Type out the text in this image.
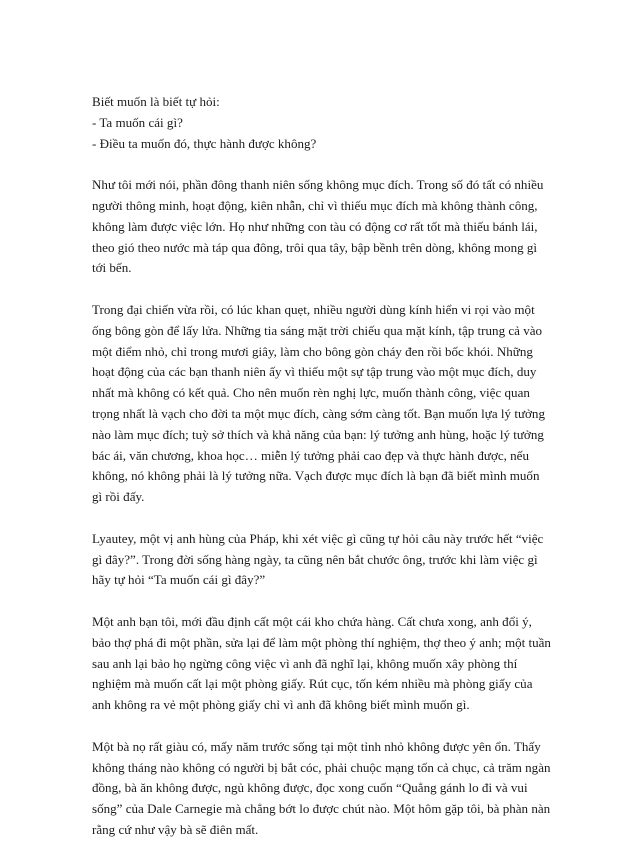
Biết muốn là biết tự hỏi:
- Ta muốn cái gì?
- Điều ta muốn đó, thực hành được không?

Như tôi mới nói, phần đông thanh niên sống không mục đích. Trong số đó tất có nhiều người thông minh, hoạt động, kiên nhẫn, chỉ vì thiếu mục đích mà không thành công, không làm được việc lớn. Họ như những con tàu có động cơ rất tốt mà thiếu bánh lái, theo gió theo nước mà táp qua đông, trôi qua tây, bập bềnh trên dòng, không mong gì tới bến.

Trong đại chiến vừa rồi, có lúc khan quẹt, nhiều người dùng kính hiển vi rọi vào một ống bông gòn để lấy lửa. Những tia sáng mặt trời chiếu qua mặt kính, tập trung cả vào một điểm nhỏ, chỉ trong mươi giây, làm cho bông gòn cháy đen rồi bốc khói. Những hoạt động của các bạn thanh niên ấy vì thiếu một sự tập trung vào một mục đích, duy nhất mà không có kết quả. Cho nên muốn rèn nghị lực, muốn thành công, việc quan trọng nhất là vạch cho đời ta một mục đích, càng sớm càng tốt. Bạn muốn lựa lý tưởng nào làm mục đích; tuỳ sở thích và khả năng của bạn: lý tưởng anh hùng, hoặc lý tưởng bác ái, văn chương, khoa học… miễn lý tưởng phải cao đẹp và thực hành được, nếu không, nó không phải là lý tưởng nữa. Vạch được mục đích là bạn đã biết mình muốn gì rồi đấy.

Lyautey, một vị anh hùng của Pháp, khi xét việc gì cũng tự hỏi câu này trước hết “việc gì đây?”. Trong đời sống hàng ngày, ta cũng nên bắt chước ông, trước khi làm việc gì hãy tự hỏi “Ta muốn cái gì đây?”

Một anh bạn tôi, mới đầu định cất một cái kho chứa hàng. Cất chưa xong, anh đổi ý, bảo thợ phá đi một phần, sửa lại để làm một phòng thí nghiệm, thợ theo ý anh; một tuần sau anh lại bảo họ ngừng công việc vì anh đã nghĩ lại, không muốn xây phòng thí nghiệm mà muốn cất lại một phòng giấy. Rút cục, tốn kém nhiều mà phòng giấy của anh không ra vẻ một phòng giấy chỉ vì anh đã không biết mình muốn gì.

Một bà nọ rất giàu có, mấy năm trước sống tại một tỉnh nhỏ không được yên ổn. Thấy không tháng nào không có người bị bắt cóc, phải chuộc mạng tốn cả chục, cả trăm ngàn đồng, bà ăn không được, ngủ không được, đọc xong cuốn “Quẳng gánh lo đi và vui sống” của Dale Carnegie mà chẳng bớt lo được chút nào. Một hôm gặp tôi, bà phàn nàn rằng cứ như vậy bà sẽ điên mất.
